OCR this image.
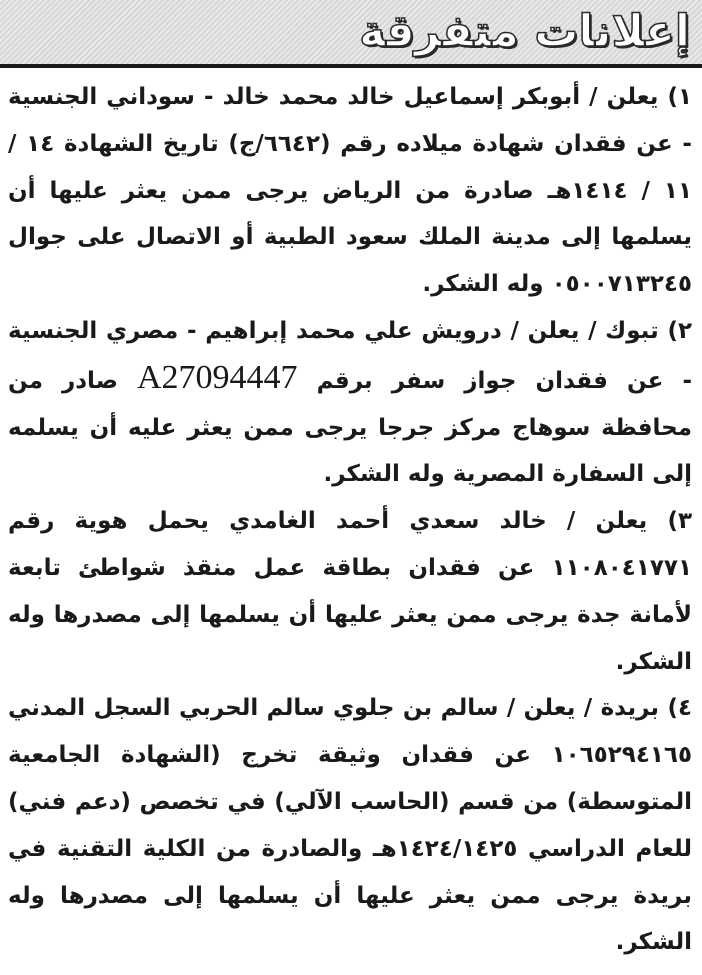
إعلانات متفرقة

١) يعلن / أبوبكر إسماعيل خالد محمد خالد - سوداني الجنسية - عن فقدان شهادة ميلاده رقم (٦٦٤٢/ج) تاريخ الشهادة ١٤ / ١١ / ١٤١٤هـ صادرة من الرياض يرجى ممن يعثر عليها أن يسلمها إلى مدينة الملك سعود الطبية أو الاتصال على جوال ٠٥٠٠٧١٣٢٤٥ وله الشكر.

٢) تبوك / يعلن / درويش علي محمد إبراهيم - مصري الجنسية - عن فقدان جواز سفر برقم A27094447 صادر من محافظة سوهاج مركز جرجا يرجى ممن يعثر عليه أن يسلمه إلى السفارة المصرية وله الشكر.

٣) يعلن / خالد سعدي أحمد الغامدي يحمل هوية رقم ١١٠٨٠٤١٧٧١ عن فقدان بطاقة عمل منقذ شواطئ تابعة لأمانة جدة يرجى ممن يعثر عليها أن يسلمها إلى مصدرها وله الشكر.

٤) بريدة / يعلن / سالم بن جلوي سالم الحربي السجل المدني ١٠٦٥٢٩٤١٦٥ عن فقدان وثيقة تخرج (الشهادة الجامعية المتوسطة) من قسم (الحاسب الآلي) في تخصص (دعم فني) للعام الدراسي ١٤٢٤/١٤٢٥هـ والصادرة من الكلية التقنية في بريدة يرجى ممن يعثر عليها أن يسلمها إلى مصدرها وله الشكر.
